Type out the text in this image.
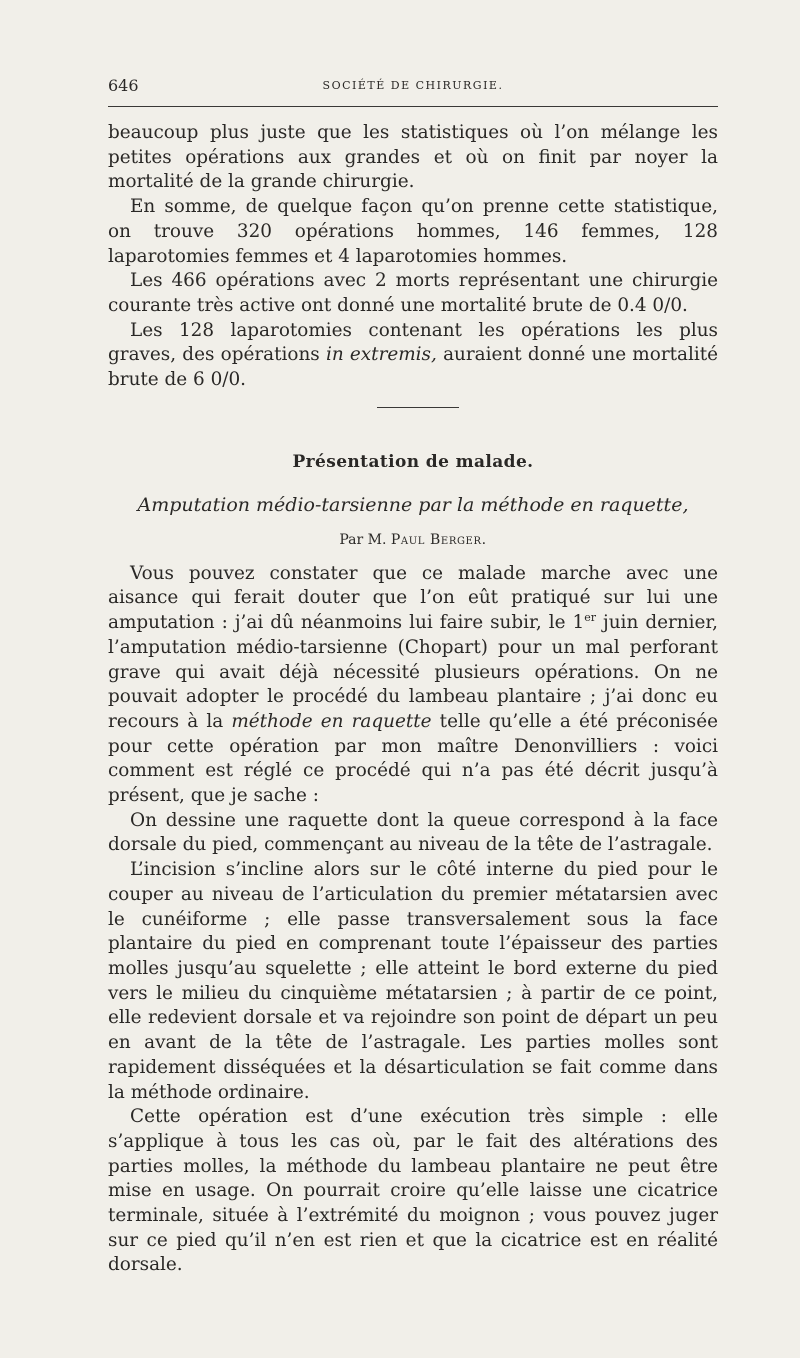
646	SOCIÉTÉ DE CHIRURGIE.

beaucoup plus juste que les statistiques où l’on mélange les petites opérations aux grandes et où on finit par noyer la mortalité de la grande chirurgie.

En somme, de quelque façon qu’on prenne cette statistique, on trouve 320 opérations hommes, 146 femmes, 128 laparotomies femmes et 4 laparotomies hommes.

Les 466 opérations avec 2 morts représentant une chirurgie courante très active ont donné une mortalité brute de 0.4 0/0.

Les 128 laparotomies contenant les opérations les plus graves, des opérations in extremis, auraient donné une mortalité brute de 6 0/0.

Présentation de malade.
Amputation médio-tarsienne par la méthode en raquette,
Par M. Paul Berger.

Vous pouvez constater que ce malade marche avec une aisance qui ferait douter que l’on eût pratiqué sur lui une amputation : j’ai dû néanmoins lui faire subir, le 1er juin dernier, l’amputation médio-tarsienne (Chopart) pour un mal perforant grave qui avait déjà nécessité plusieurs opérations. On ne pouvait adopter le procédé du lambeau plantaire ; j’ai donc eu recours à la méthode en raquette telle qu’elle a été préconisée pour cette opération par mon maître Denonvilliers : voici comment est réglé ce procédé qui n’a pas été décrit jusqu’à présent, que je sache :

On dessine une raquette dont la queue correspond à la face dorsale du pied, commençant au niveau de la tête de l’astragale.

L’incision s’incline alors sur le côté interne du pied pour le couper au niveau de l’articulation du premier métatarsien avec le cunéiforme ; elle passe transversalement sous la face plantaire du pied en comprenant toute l’épaisseur des parties molles jusqu’au squelette ; elle atteint le bord externe du pied vers le milieu du cinquième métatarsien ; à partir de ce point, elle redevient dorsale et va rejoindre son point de départ un peu en avant de la tête de l’astragale. Les parties molles sont rapidement disséquées et la désarticulation se fait comme dans la méthode ordinaire.

Cette opération est d’une exécution très simple : elle s’applique à tous les cas où, par le fait des altérations des parties molles, la méthode du lambeau plantaire ne peut être mise en usage. On pourrait croire qu’elle laisse une cicatrice terminale, située à l’extrémité du moignon ; vous pouvez juger sur ce pied qu’il n’en est rien et que la cicatrice est en réalité dorsale.
